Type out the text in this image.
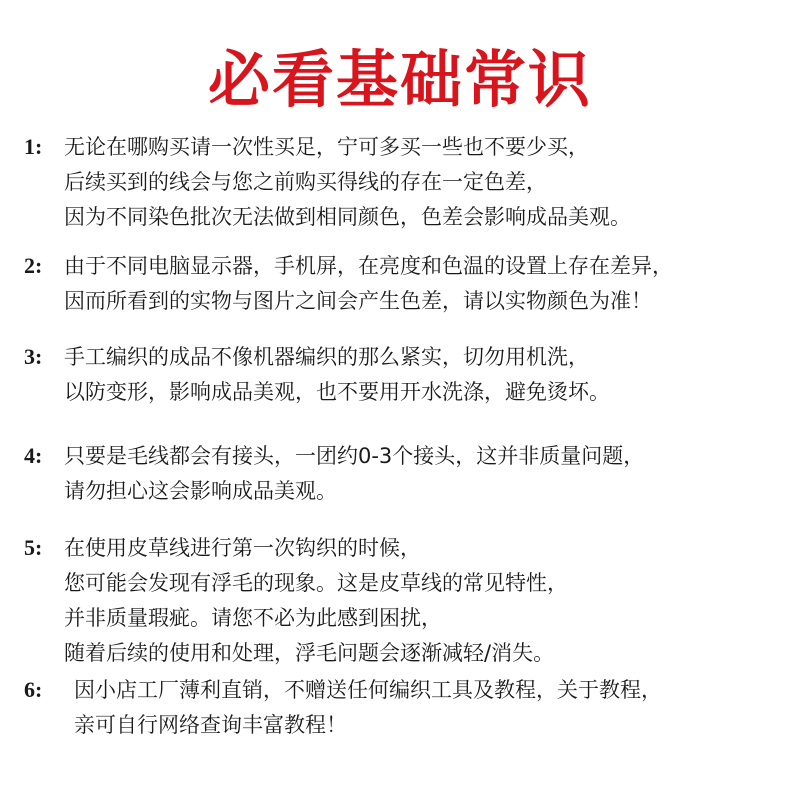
必看基础常识
1: 无论在哪购买请一次性买足，宁可多买一些也不要少买，
后续买到的线会与您之前购买得线的存在一定色差，
因为不同染色批次无法做到相同颜色，色差会影响成品美观。
2: 由于不同电脑显示器，手机屏，在亮度和色温的设置上存在差异，
因而所看到的实物与图片之间会产生色差，请以实物颜色为准！
3: 手工编织的成品不像机器编织的那么紧实，切勿用机洗，
以防变形，影响成品美观，也不要用开水洗涤，避免烫坏。
4: 只要是毛线都会有接头，一团约0-3个接头，这并非质量问题，
请勿担心这会影响成品美观。
5: 在使用皮草线进行第一次钩织的时候，
您可能会发现有浮毛的现象。这是皮草线的常见特性，
并非质量瑕疵。请您不必为此感到困扰，
随着后续的使用和处理，浮毛问题会逐渐减轻/消失。
6: 因小店工厂薄利直销，不赠送任何编织工具及教程，关于教程，
亲可自行网络查询丰富教程！
